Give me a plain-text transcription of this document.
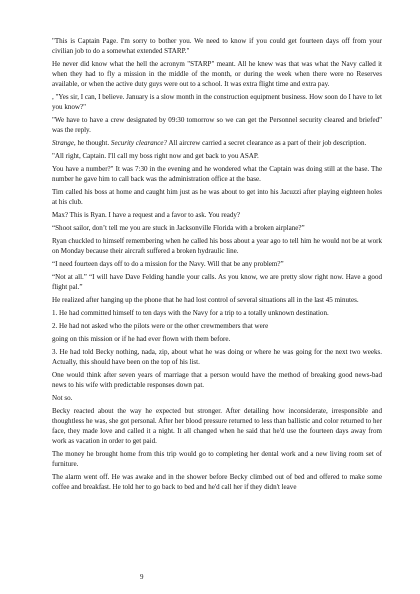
"This is Captain Page. I'm sorry to bother you. We need to know if you could get fourteen days off from your civilian job to do a somewhat extended STARP."

He never did know what the hell the acronym "STARP" meant. All he knew was that was what the Navy called it when they had to fly a mission in the middle of the month, or during the week when there were no Reserves available, or when the active duty guys were out to a school. It was extra flight time and extra pay.

, "Yes sir, I can, I believe. January is a slow month in the construction equipment business. How soon do I have to let you know?"

"We have to have a crew designated by 09:30 tomorrow so we can get the Personnel security cleared and briefed" was the reply.

Strange, he thought. Security clearance? All aircrew carried a secret clearance as a part of their job description.

"All right, Captain. I'll call my boss right now and get back to you ASAP.

You have a number?" It was 7:30 in the evening and he wondered what the Captain was doing still at the base. The number he gave him to call back was the administration office at the base.

Tim called his boss at home and caught him just as he was about to get into his Jacuzzi after playing eighteen holes at his club.

Max? This is Ryan. I have a request and a favor to ask. You ready?

“Shoot sailor, don’t tell me you are stuck in Jacksonville Florida with a broken airplane?”

Ryan chuckled to himself remembering when he called his boss about a year ago to tell him he would not be at work on Monday because their aircraft suffered a broken hydraulic line.

“I need fourteen days off to do a mission for the Navy. Will that be any problem?”

“Not at all.” “I will have Dave Felding handle your calls. As you know, we are pretty slow right now. Have a good flight pal.”

He realized after hanging up the phone that he had lost control of several situations all in the last 45 minutes.

1. He had committed himself to ten days with the Navy for a trip to a totally unknown destination.

2. He had not asked who the pilots were or the other crewmembers that were

going on this mission or if he had ever flown with them before.

3. He had told Becky nothing, nada, zip, about what he was doing or where he was going for the next two weeks. Actually, this should have been on the top of his list.

One would think after seven years of marriage that a person would have the method of breaking good news-bad news to his wife with predictable responses down pat.

Not so.

Becky reacted about the way he expected but stronger. After detailing how inconsiderate, irresponsible and thoughtless he was, she got personal. After her blood pressure returned to less than ballistic and color returned to her face, they made love and called it a night. It all changed when he said that he'd use the fourteen days away from work as vacation in order to get paid.

The money he brought home from this trip would go to completing her dental work and a new living room set of furniture.

The alarm went off. He was awake and in the shower before Becky climbed out of bed and offered to make some coffee and breakfast. He told her to go back to bed and he'd call her if they didn't leave

9
